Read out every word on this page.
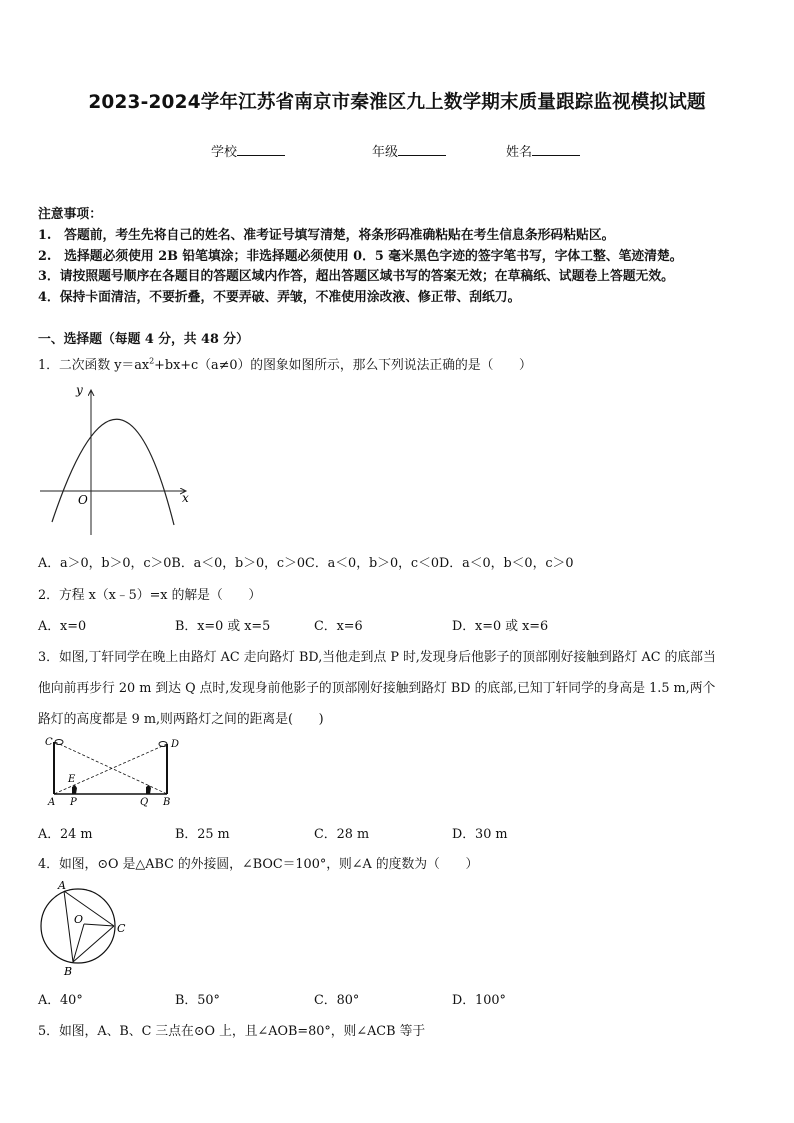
2023-2024学年江苏省南京市秦淮区九上数学期末质量跟踪监视模拟试题
学校	年级	姓名
注意事项：
1.　答题前，考生先将自己的姓名、准考证号填写清楚，将条形码准确粘贴在考生信息条形码粘贴区。
2.　选择题必须使用 2B 铅笔填涂；非选择题必须使用 0．5 毫米黑色字迹的签字笔书写，字体工整、笔迹清楚。
3．请按照题号顺序在各题目的答题区域内作答，超出答题区域书写的答案无效；在草稿纸、试题卷上答题无效。
4．保持卡面清洁，不要折叠，不要弄破、弄皱，不准使用涂改液、修正带、刮纸刀。
一、选择题（每题 4 分，共 48 分）
1．二次函数 $y=ax^2+bx+c(a\ne 0)$的图象如图所示，那么下列说法正确的是（　　）
y
x
O
A．a＞0，b＞0，c＞0B．a＜0，b＞0，c＞0C．a＜0，b＞0，c＜0D．a＜0，b＜0，c＞0
2．方程 x（x﹣5）=x 的解是（　　）
A．x=0	B．x=0 或 x=5	C．x=6	D．x=0 或 x=6
3．如图,丁轩同学在晚上由路灯 AC 走向路灯 BD,当他走到点 P 时,发现身后他影子的顶部刚好接触到路灯 AC 的底部当
他向前再步行 20 m 到达 Q 点时,发现身前他影子的顶部刚好接触到路灯 BD 的底部,已知丁轩同学的身高是 1.5 m,两个
路灯的高度都是 9 m,则两路灯之间的距离是(　　)
C	D
E
A P	Q B
A．24 m	B．25 m	C．28 m	D．30 m
4．如图，⊙O 是△ABC 的外接圆，∠BOC＝100°，则∠A 的度数为（　　）
A
O
C
B
A．40°	B．50°	C．80°	D．100°
5．如图，A、B、C 三点在⊙O 上，且∠AOB=80°，则∠ACB 等于
